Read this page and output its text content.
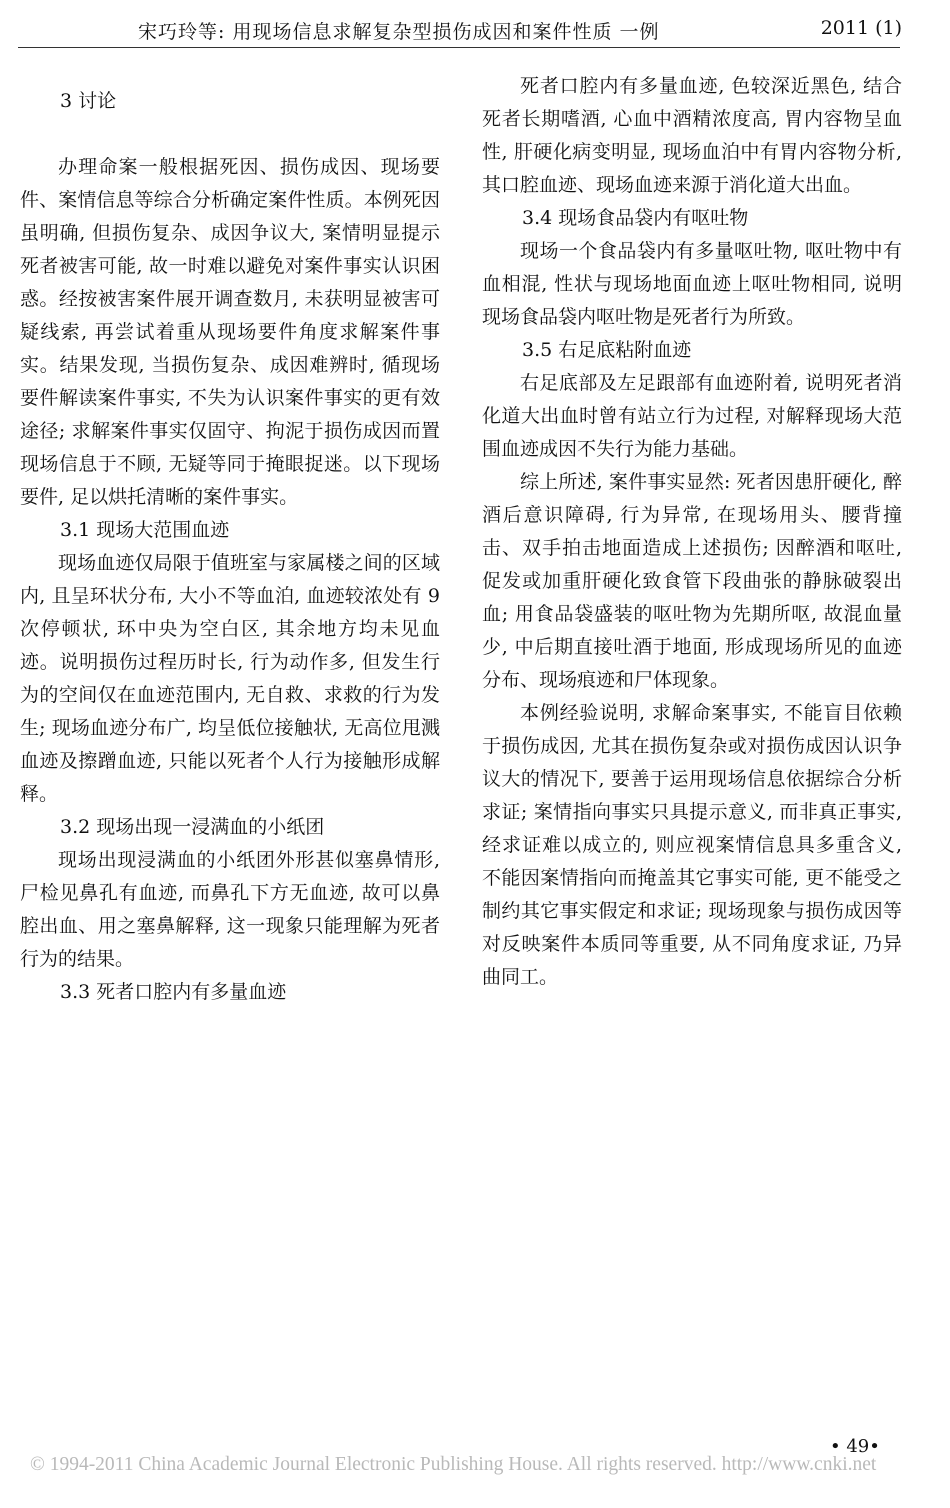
宋巧玲等: 用现场信息求解复杂型损伤成因和案件性质 一例	2011 (1)
3 讨论

办理命案一般根据死因、损伤成因、现场要件、案情信息等综合分析确定案件性质。本例死因虽明确, 但损伤复杂、成因争议大, 案情明显提示死者被害可能, 故一时难以避免对案件事实认识困惑。经按被害案件展开调查数月, 未获明显被害可疑线索, 再尝试着重从现场要件角度求解案件事实。结果发现, 当损伤复杂、成因难辨时, 循现场要件解读案件事实, 不失为认识案件事实的更有效途径; 求解案件事实仅固守、拘泥于损伤成因而置现场信息于不顾, 无疑等同于掩眼捉迷。以下现场要件, 足以烘托清晰的案件事实。

3.1 现场大范围血迹

现场血迹仅局限于值班室与家属楼之间的区域内, 且呈环状分布, 大小不等血泊, 血迹较浓处有 9次停顿状, 环中央为空白区, 其余地方均未见血迹。说明损伤过程历时长, 行为动作多, 但发生行为的空间仅在血迹范围内, 无自救、求救的行为发生; 现场血迹分布广, 均呈低位接触状, 无高位甩溅血迹及擦蹭血迹, 只能以死者个人行为接触形成解释。

3.2 现场出现一浸满血的小纸团

现场出现浸满血的小纸团外形甚似塞鼻情形, 尸检见鼻孔有血迹, 而鼻孔下方无血迹, 故可以鼻腔出血、用之塞鼻解释, 这一现象只能理解为死者行为的结果。

3.3 死者口腔内有多量血迹

死者口腔内有多量血迹, 色较深近黑色, 结合死者长期嗜酒, 心血中酒精浓度高, 胃内容物呈血性, 肝硬化病变明显, 现场血泊中有胃内容物分析, 其口腔血迹、现场血迹来源于消化道大出血。

3.4 现场食品袋内有呕吐物

现场一个食品袋内有多量呕吐物, 呕吐物中有血相混, 性状与现场地面血迹上呕吐物相同, 说明现场食品袋内呕吐物是死者行为所致。

3.5 右足底粘附血迹

右足底部及左足跟部有血迹附着, 说明死者消化道大出血时曾有站立行为过程, 对解释现场大范围血迹成因不失行为能力基础。

综上所述, 案件事实显然: 死者因患肝硬化, 醉酒后意识障碍, 行为异常, 在现场用头、腰背撞击、双手拍击地面造成上述损伤; 因醉酒和呕吐, 促发或加重肝硬化致食管下段曲张的静脉破裂出血; 用食品袋盛装的呕吐物为先期所呕, 故混血量少, 中后期直接吐酒于地面, 形成现场所见的血迹分布、现场痕迹和尸体现象。

本例经验说明, 求解命案事实, 不能盲目依赖于损伤成因, 尤其在损伤复杂或对损伤成因认识争议大的情况下, 要善于运用现场信息依据综合分析求证; 案情指向事实只具提示意义, 而非真正事实, 经求证难以成立的, 则应视案情信息具多重含义, 不能因案情指向而掩盖其它事实可能, 更不能受之制约其它事实假定和求证; 现场现象与损伤成因等对反映案件本质同等重要, 从不同角度求证, 乃异曲同工。

• 49•
© 1994-2011 China Academic Journal Electronic Publishing House. All rights reserved. http://www.cnki.net
